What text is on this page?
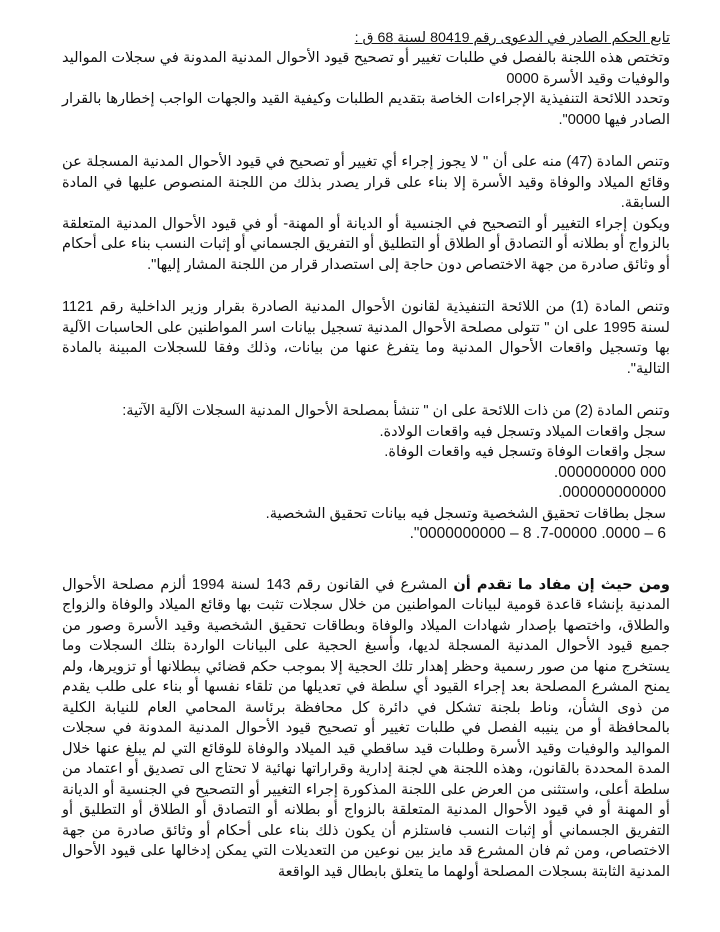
تابع الحكم الصادر في الدعوى رقم 80419 لسنة 68 ق :

وتختص هذه اللجنة بالفصل في طلبات تغيير أو تصحيح قيود الأحوال المدنية المدونة في سجلات المواليد والوفيات وقيد الأسرة 0000

وتحدد اللائحة التنفيذية الإجراءات الخاصة بتقديم الطلبات وكيفية القيد والجهات الواجب إخطارها بالقرار الصادر فيها 0000".

وتنص المادة (47) منه على أن " لا يجوز إجراء أي تغيير أو تصحيح في قيود الأحوال المدنية المسجلة عن وقائع الميلاد والوفاة وقيد الأسرة إلا بناء على قرار يصدر بذلك من اللجنة المنصوص عليها في المادة السابقة.

ويكون إجراء التغيير أو التصحيح في الجنسية أو الديانة أو المهنة- أو في قيود الأحوال المدنية المتعلقة بالزواج أو بطلانه أو التصادق أو الطلاق أو التطليق أو التفريق الجسماني أو إثبات النسب بناء على أحكام أو وثائق صادرة من جهة الاختصاص دون حاجة إلى استصدار قرار من اللجنة المشار إليها".

وتنص المادة (1) من اللائحة التنفيذية لقانون الأحوال المدنية الصادرة بقرار وزير الداخلية رقم 1121 لسنة 1995 على ان " تتولى مصلحة الأحوال المدنية تسجيل بيانات اسر المواطنين على الحاسبات الآلية بها وتسجيل واقعات الأحوال المدنية وما يتفرغ عنها من بيانات، وذلك وفقا للسجلات المبينة بالمادة التالية".

وتنص المادة (2) من ذات اللائحة على ان " تنشأ بمصلحة الأحوال المدنية السجلات الآلية الآتية:

سجل واقعات الميلاد وتسجل فيه واقعات الولادة.
سجل واقعات الوفاة وتسجل فيه واقعات الوفاة.
000 000000000.
000000000000.
سجل بطاقات تحقيق الشخصية وتسجل فيه بيانات تحقيق الشخصية.
6 – 0000. 7-00000. 8 – 0000000000".

ومن حيث إن مفاد ما تقدم أن المشرع في القانون رقم 143 لسنة 1994 ألزم مصلحة الأحوال المدنية بإنشاء قاعدة قومية لبيانات المواطنين من خلال سجلات تثبت بها وقائع الميلاد والوفاة والزواج والطلاق، واختصها بإصدار شهادات الميلاد والوفاة وبطاقات تحقيق الشخصية وقيد الأسرة وصور من جميع قيود الأحوال المدنية المسجلة لديها، وأسبغ الحجية على البيانات الواردة بتلك السجلات وما يستخرج منها من صور رسمية وحظر إهدار تلك الحجية إلا بموجب حكم قضائي ببطلانها أو تزويرها، ولم يمنح المشرع المصلحة بعد إجراء القيود أي سلطة في تعديلها من تلقاء نفسها أو بناء على طلب يقدم من ذوى الشأن، وناط بلجنة تشكل في دائرة كل محافظة برئاسة المحامي العام للنيابة الكلية بالمحافظة أو من ينيبه الفصل في طلبات تغيير أو تصحيح قيود الأحوال المدنية المدونة في سجلات المواليد والوفيات وقيد الأسرة وطلبات قيد ساقطي قيد الميلاد والوفاة للوقائع التي لم يبلغ عنها خلال المدة المحددة بالقانون، وهذه اللجنة هي لجنة إدارية وقراراتها نهائية لا تحتاج الى تصديق أو اعتماد من سلطة أعلى، واستثنى من العرض على اللجنة المذكورة إجراء التغيير أو التصحيح في الجنسية أو الديانة أو المهنة أو في قيود الأحوال المدنية المتعلقة بالزواج أو بطلانه أو التصادق أو الطلاق أو التطليق أو التفريق الجسماني أو إثبات النسب فاستلزم أن يكون ذلك بناء على أحكام أو وثائق صادرة من جهة الاختصاص، ومن ثم فان المشرع قد مايز بين نوعين من التعديلات التي يمكن إدخالها على قيود الأحوال المدنية الثابتة بسجلات المصلحة أولهما ما يتعلق بابطال قيد الواقعة
